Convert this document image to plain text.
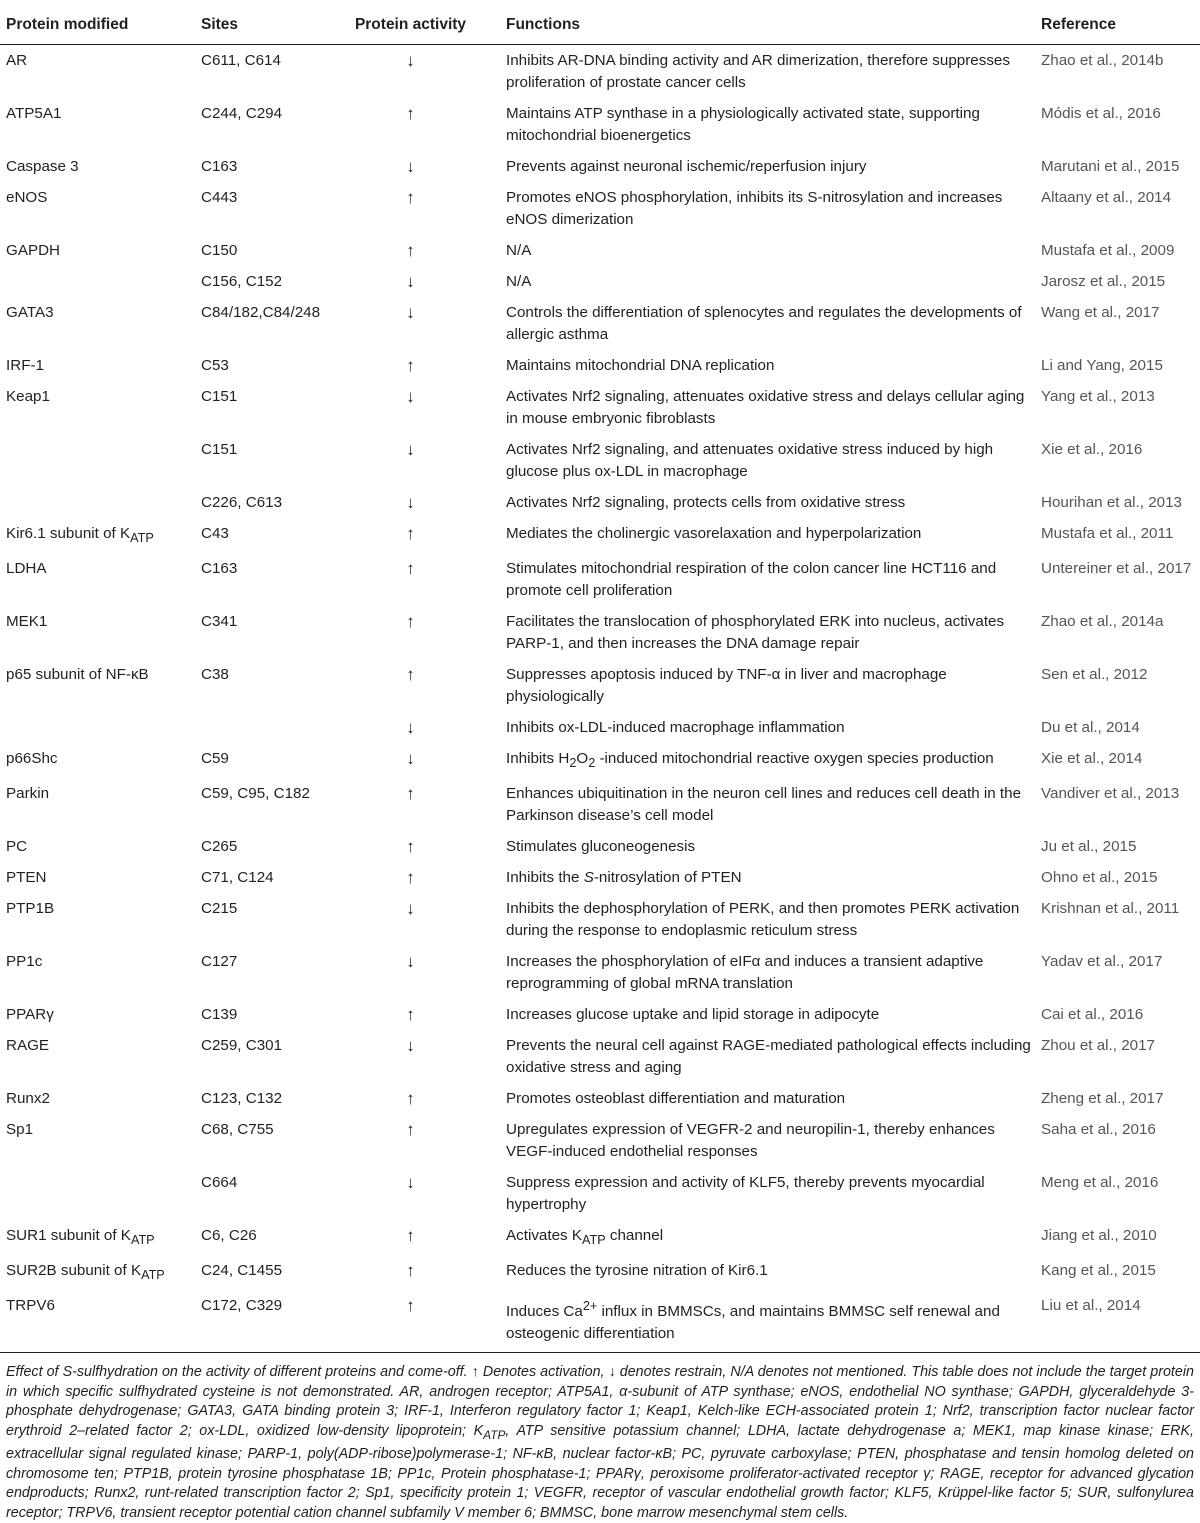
Protein modified	Sites	Protein activity	Functions	Reference
AR	C611, C614	↓	Inhibits AR-DNA binding activity and AR dimerization, therefore suppresses proliferation of prostate cancer cells	Zhao et al., 2014b
ATP5A1	C244, C294	↑	Maintains ATP synthase in a physiologically activated state, supporting mitochondrial bioenergetics	Módis et al., 2016
Caspase 3	C163	↓	Prevents against neuronal ischemic/reperfusion injury	Marutani et al., 2015
eNOS	C443	↑	Promotes eNOS phosphorylation, inhibits its S-nitrosylation and increases eNOS dimerization	Altaany et al., 2014
GAPDH	C150	↑	N/A	Mustafa et al., 2009
	C156, C152	↓	N/A	Jarosz et al., 2015
GATA3	C84/182,C84/248	↓	Controls the differentiation of splenocytes and regulates the developments of allergic asthma	Wang et al., 2017
IRF-1	C53	↑	Maintains mitochondrial DNA replication	Li and Yang, 2015
Keap1	C151	↓	Activates Nrf2 signaling, attenuates oxidative stress and delays cellular aging in mouse embryonic fibroblasts	Yang et al., 2013
	C151	↓	Activates Nrf2 signaling, and attenuates oxidative stress induced by high glucose plus ox-LDL in macrophage	Xie et al., 2016
	C226, C613	↓	Activates Nrf2 signaling, protects cells from oxidative stress	Hourihan et al., 2013
Kir6.1 subunit of $K_{ATP}$	C43	↑	Mediates the cholinergic vasorelaxation and hyperpolarization	Mustafa et al., 2011
LDHA	C163	↑	Stimulates mitochondrial respiration of the colon cancer line HCT116 and promote cell proliferation	Untereiner et al., 2017
MEK1	C341	↑	Facilitates the translocation of phosphorylated ERK into nucleus, activates PARP-1, and then increases the DNA damage repair	Zhao et al., 2014a
p65 subunit of NF-κB	C38	↑	Suppresses apoptosis induced by TNF-α in liver and macrophage physiologically	Sen et al., 2012
		↓	Inhibits ox-LDL-induced macrophage inflammation	Du et al., 2014
p66Shc	C59	↓	Inhibits $H_2O_2$ -induced mitochondrial reactive oxygen species production	Xie et al., 2014
Parkin	C59, C95, C182	↑	Enhances ubiquitination in the neuron cell lines and reduces cell death in the Parkinson disease’s cell model	Vandiver et al., 2013
PC	C265	↑	Stimulates gluconeogenesis	Ju et al., 2015
PTEN	C71, C124	↑	Inhibits the S-nitrosylation of PTEN	Ohno et al., 2015
PTP1B	C215	↓	Inhibits the dephosphorylation of PERK, and then promotes PERK activation during the response to endoplasmic reticulum stress	Krishnan et al., 2011
PP1c	C127	↓	Increases the phosphorylation of eIFα and induces a transient adaptive reprogramming of global mRNA translation	Yadav et al., 2017
PPARγ	C139	↑	Increases glucose uptake and lipid storage in adipocyte	Cai et al., 2016
RAGE	C259, C301	↓	Prevents the neural cell against RAGE-mediated pathological effects including oxidative stress and aging	Zhou et al., 2017
Runx2	C123, C132	↑	Promotes osteoblast differentiation and maturation	Zheng et al., 2017
Sp1	C68, C755	↑	Upregulates expression of VEGFR-2 and neuropilin-1, thereby enhances VEGF-induced endothelial responses	Saha et al., 2016
	C664	↓	Suppress expression and activity of KLF5, thereby prevents myocardial hypertrophy	Meng et al., 2016
SUR1 subunit of $K_{ATP}$	C6, C26	↑	Activates $K_{ATP}$ channel	Jiang et al., 2010
SUR2B subunit of $K_{ATP}$	C24, C1455	↑	Reduces the tyrosine nitration of Kir6.1	Kang et al., 2015
TRPV6	C172, C329	↑	Induces $Ca^{2+}$ influx in BMMSCs, and maintains BMMSC self renewal and osteogenic differentiation	Liu et al., 2014
Effect of S-sulfhydration on the activity of different proteins and come-off. ↑ Denotes activation, ↓ denotes restrain, N/A denotes not mentioned. This table does not include the target protein in which specific sulfhydrated cysteine is not demonstrated. AR, androgen receptor; ATP5A1, α-subunit of ATP synthase; eNOS, endothelial NO synthase; GAPDH, glyceraldehyde 3-phosphate dehydrogenase; GATA3, GATA binding protein 3; IRF-1, Interferon regulatory factor 1; Keap1, Kelch-like ECH-associated protein 1; Nrf2, transcription factor nuclear factor erythroid 2–related factor 2; ox-LDL, oxidized low-density lipoprotein; $K_{ATP}$, ATP sensitive potassium channel; LDHA, lactate dehydrogenase a; MEK1, map kinase kinase; ERK, extracellular signal regulated kinase; PARP-1, poly(ADP-ribose)polymerase-1; NF-κB, nuclear factor-κB; PC, pyruvate carboxylase; PTEN, phosphatase and tensin homolog deleted on chromosome ten; PTP1B, protein tyrosine phosphatase 1B; PP1c, Protein phosphatase-1; PPARγ, peroxisome proliferator-activated receptor γ; RAGE, receptor for advanced glycation endproducts; Runx2, runt-related transcription factor 2; Sp1, specificity protein 1; VEGFR, receptor of vascular endothelial growth factor; KLF5, Krüppel-like factor 5; SUR, sulfonylurea receptor; TRPV6, transient receptor potential cation channel subfamily V member 6; BMMSC, bone marrow mesenchymal stem cells.
